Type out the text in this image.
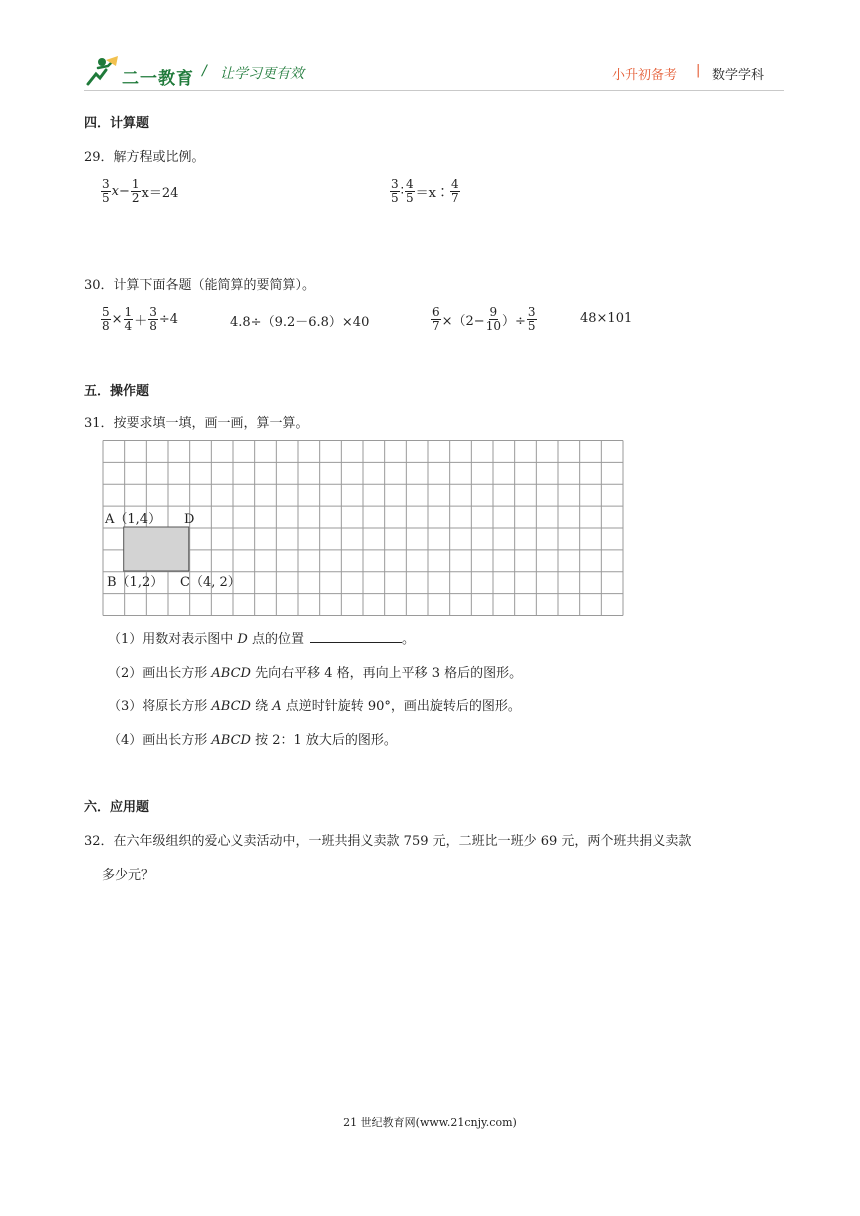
二一教育 / 让学习更有效	小升初备考 | 数学学科
四．计算题
29．解方程或比例。
$\frac{3}{5}$ $x - \frac{1}{2} x=24$	$\frac{3}{5}$ ∶ $\frac{4}{5}$ ＝x∶ $\frac{4}{7}$
30．计算下面各题（能简算的要简算）。
$\frac{5}{8} \times \frac{1}{4} + \frac{3}{8} \div 4$	4.8÷（9.2－6.8）×40	$\frac{6}{7} \times(2- \frac{9}{10}$ ）÷ $\frac{3}{5}$	48×101
五．操作题
31．按要求填一填，画一画，算一算。
A（1,4） D
B（1,2） C（4, 2）
（1）用数对表示图中 D 点的位置	。
（2）画出长方形 ABCD 先向右平移 4 格，再向上平移 3 格后的图形。
（3）将原长方形 ABCD 绕 A 点逆时针旋转 90°，画出旋转后的图形。
（4）画出长方形 ABCD 按 2：1 放大后的图形。
六．应用题
32．在六年级组织的爱心义卖活动中，一班共捐义卖款 759 元，二班比一班少 69 元，两个班共捐义卖款
多少元？
21 世纪教育网(www.21cnjy.com)
